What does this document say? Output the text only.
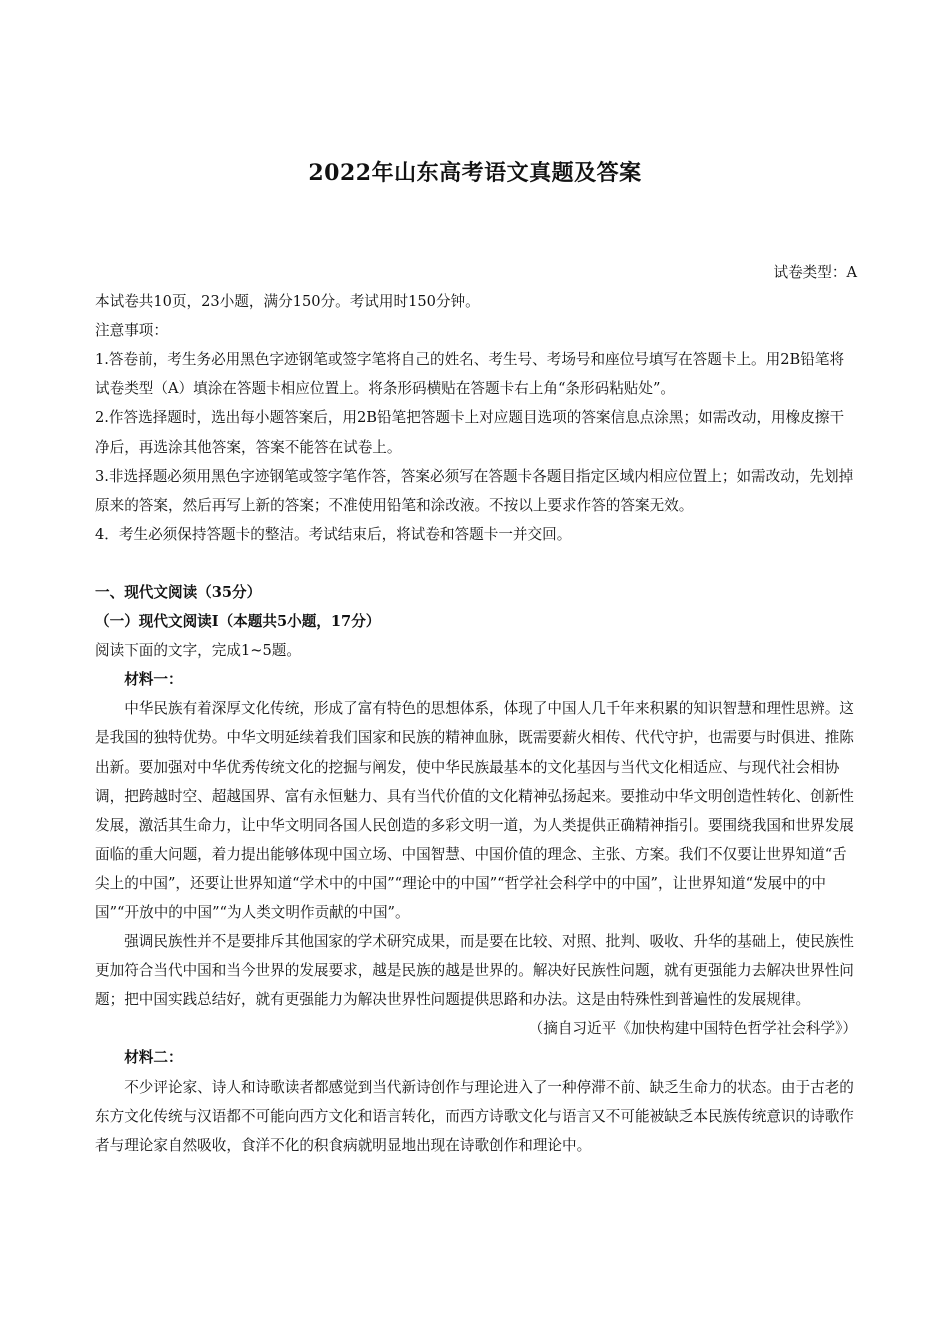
2022年山东高考语文真题及答案

试卷类型：A

本试卷共10页，23小题，满分150分。考试用时150分钟。

注意事项：

1.答卷前，考生务必用黑色字迹钢笔或签字笔将自己的姓名、考生号、考场号和座位号填写在答题卡上。用2B铅笔将试卷类型（A）填涂在答题卡相应位置上。将条形码横贴在答题卡右上角“条形码粘贴处”。

2.作答选择题时，选出每小题答案后，用2B铅笔把答题卡上对应题目选项的答案信息点涂黑；如需改动，用橡皮擦干净后，再选涂其他答案，答案不能答在试卷上。

3.非选择题必须用黑色字迹钢笔或签字笔作答，答案必须写在答题卡各题目指定区域内相应位置上；如需改动，先划掉原来的答案，然后再写上新的答案；不准使用铅笔和涂改液。不按以上要求作答的答案无效。

4．考生必须保持答题卡的整洁。考试结束后，将试卷和答题卡一并交回。

一、现代文阅读（35分）

（一）现代文阅读Ⅰ（本题共5小题，17分）

阅读下面的文字，完成1~5题。

材料一：

中华民族有着深厚文化传统，形成了富有特色的思想体系，体现了中国人几千年来积累的知识智慧和理性思辨。这是我国的独特优势。中华文明延续着我们国家和民族的精神血脉，既需要薪火相传、代代守护，也需要与时俱进、推陈出新。要加强对中华优秀传统文化的挖掘与阐发，使中华民族最基本的文化基因与当代文化相适应、与现代社会相协调，把跨越时空、超越国界、富有永恒魅力、具有当代价值的文化精神弘扬起来。要推动中华文明创造性转化、创新性发展，激活其生命力，让中华文明同各国人民创造的多彩文明一道，为人类提供正确精神指引。要围绕我国和世界发展面临的重大问题，着力提出能够体现中国立场、中国智慧、中国价值的理念、主张、方案。我们不仅要让世界知道“舌尖上的中国”，还要让世界知道“学术中的中国”“理论中的中国”“哲学社会科学中的中国”，让世界知道“发展中的中国”“开放中的中国”“为人类文明作贡献的中国”。

强调民族性并不是要排斥其他国家的学术研究成果，而是要在比较、对照、批判、吸收、升华的基础上，使民族性更加符合当代中国和当今世界的发展要求，越是民族的越是世界的。解决好民族性问题，就有更强能力去解决世界性问题；把中国实践总结好，就有更强能力为解决世界性问题提供思路和办法。这是由特殊性到普遍性的发展规律。

（摘自习近平《加快构建中国特色哲学社会科学》）

材料二：

不少评论家、诗人和诗歌读者都感觉到当代新诗创作与理论进入了一种停滞不前、缺乏生命力的状态。由于古老的东方文化传统与汉语都不可能向西方文化和语言转化，而西方诗歌文化与语言又不可能被缺乏本民族传统意识的诗歌作者与理论家自然吸收，食洋不化的积食病就明显地出现在诗歌创作和理论中。
